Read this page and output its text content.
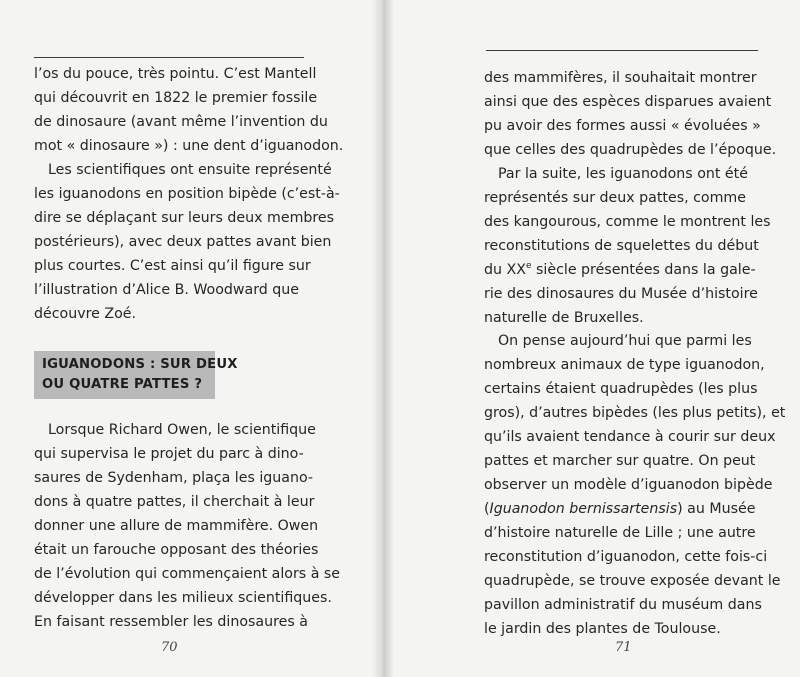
l’os du pouce, très pointu. C’est Mantell
qui découvrit en 1822 le premier fossile
de dinosaure (avant même l’invention du
mot « dinosaure ») : une dent d’iguanodon.
Les scientifiques ont ensuite représenté
les iguanodons en position bipède (c’est-à-
dire se déplaçant sur leurs deux membres
postérieurs), avec deux pattes avant bien
plus courtes. C’est ainsi qu’il figure sur
l’illustration d’Alice B. Woodward que
découvre Zoé.
IGUANODONS : SUR DEUX
OU QUATRE PATTES ?
Lorsque Richard Owen, le scientifique
qui supervisa le projet du parc à dino-
saures de Sydenham, plaça les iguano-
dons à quatre pattes, il cherchait à leur
donner une allure de mammifère. Owen
était un farouche opposant des théories
de l’évolution qui commençaient alors à se
développer dans les milieux scientifiques.
En faisant ressembler les dinosaures à
70
des mammifères, il souhaitait montrer
ainsi que des espèces disparues avaient
pu avoir des formes aussi « évoluées »
que celles des quadrupèdes de l’époque.
Par la suite, les iguanodons ont été
représentés sur deux pattes, comme
des kangourous, comme le montrent les
reconstitutions de squelettes du début
du XXe siècle présentées dans la gale-
rie des dinosaures du Musée d’histoire
naturelle de Bruxelles.
On pense aujourd’hui que parmi les
nombreux animaux de type iguanodon,
certains étaient quadrupèdes (les plus
gros), d’autres bipèdes (les plus petits), et
qu’ils avaient tendance à courir sur deux
pattes et marcher sur quatre. On peut
observer un modèle d’iguanodon bipède
(Iguanodon bernissartensis) au Musée
d’histoire naturelle de Lille ; une autre
reconstitution d’iguanodon, cette fois-ci
quadrupède, se trouve exposée devant le
pavillon administratif du muséum dans
le jardin des plantes de Toulouse.
71
